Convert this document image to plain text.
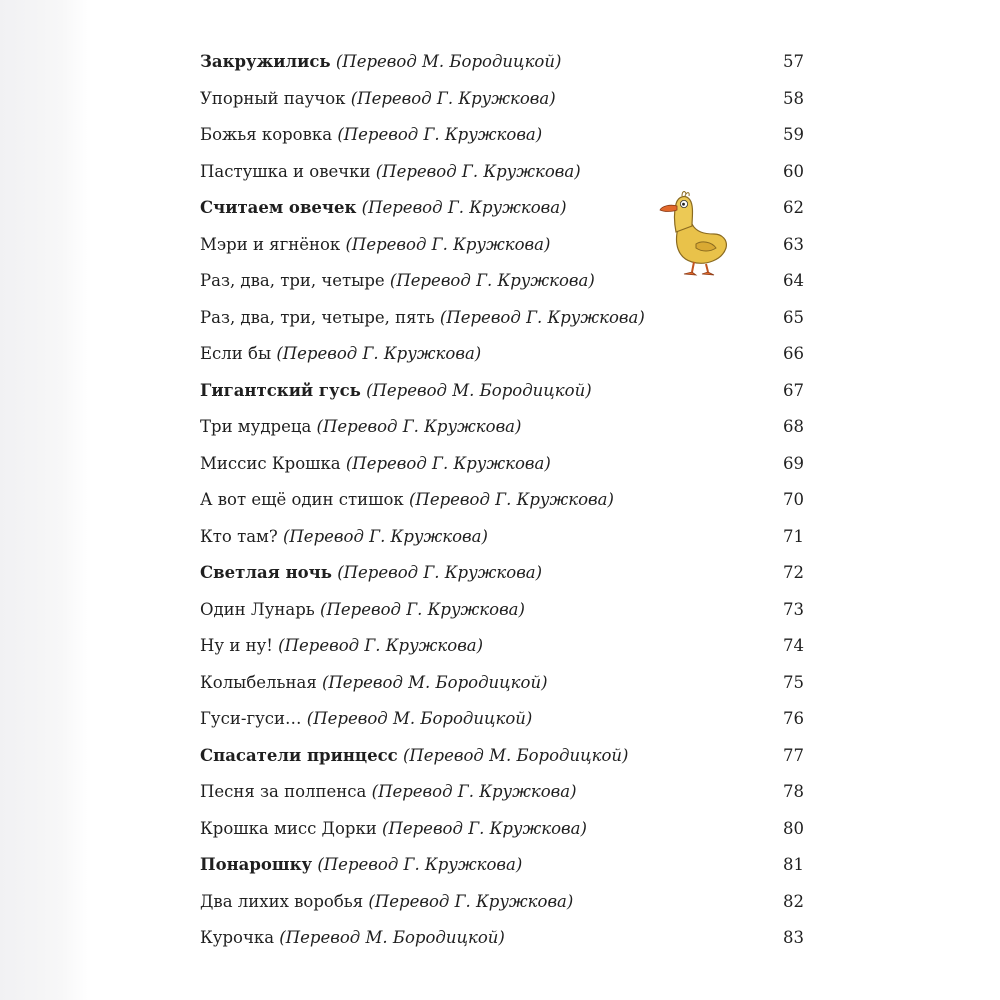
Закружились (Перевод М. Бородицкой)	57
Упорный паучок (Перевод Г. Кружкова)	58
Божья коровка (Перевод Г. Кружкова)	59
Пастушка и овечки (Перевод Г. Кружкова)	60
Считаем овечек (Перевод Г. Кружкова)	62
Мэри и ягнёнок (Перевод Г. Кружкова)	63
Раз, два, три, четыре (Перевод Г. Кружкова)	64
Раз, два, три, четыре, пять (Перевод Г. Кружкова)	65
Если бы (Перевод Г. Кружкова)	66
Гигантский гусь (Перевод М. Бородицкой)	67
Три мудреца (Перевод Г. Кружкова)	68
Миссис Крошка (Перевод Г. Кружкова)	69
А вот ещё один стишок (Перевод Г. Кружкова)	70
Кто там? (Перевод Г. Кружкова)	71
Светлая ночь (Перевод Г. Кружкова)	72
Один Лунарь (Перевод Г. Кружкова)	73
Ну и ну! (Перевод Г. Кружкова)	74
Колыбельная (Перевод М. Бородицкой)	75
Гуси-гуси… (Перевод М. Бородицкой)	76
Спасатели принцесс (Перевод М. Бородицкой)	77
Песня за полпенса (Перевод Г. Кружкова)	78
Крошка мисс Дорки (Перевод Г. Кружкова)	80
Понарошку (Перевод Г. Кружкова)	81
Два лихих воробья (Перевод Г. Кружкова)	82
Курочка (Перевод М. Бородицкой)	83
